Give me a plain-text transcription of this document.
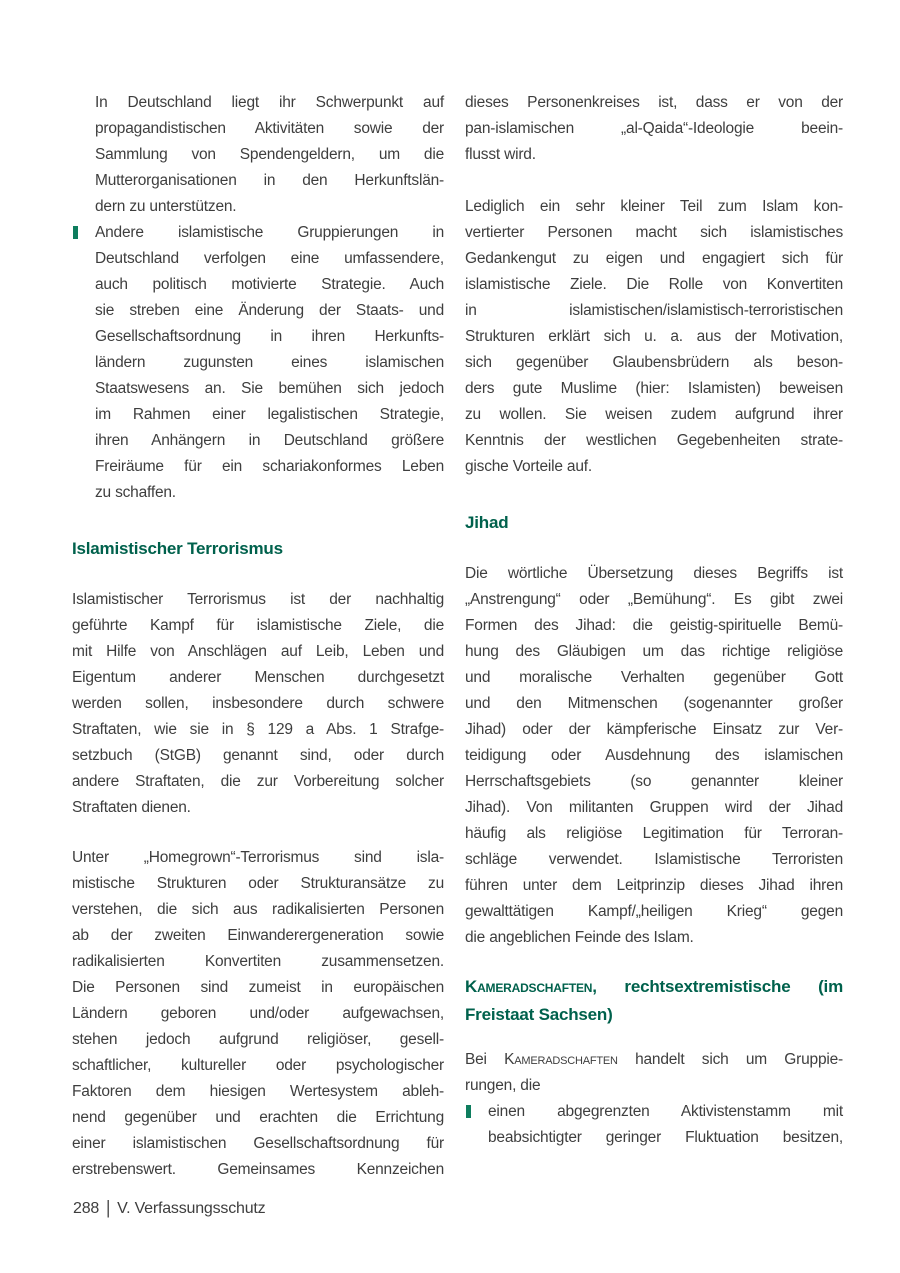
In Deutschland liegt ihr Schwerpunkt auf
propagandistischen Aktivitäten sowie der
Sammlung von Spendengeldern, um die
Mutterorganisationen in den Herkunftslän-
dern zu unterstützen.
Andere islamistische Gruppierungen in
Deutschland verfolgen eine umfassendere,
auch politisch motivierte Strategie. Auch
sie streben eine Änderung der Staats- und
Gesellschaftsordnung in ihren Herkunfts-
ländern zugunsten eines islamischen
Staatswesens an. Sie bemühen sich jedoch
im Rahmen einer legalistischen Strategie,
ihren Anhängern in Deutschland größere
Freiräume für ein schariakonformes Leben
zu schaffen.
Islamistischer Terrorismus
Islamistischer Terrorismus ist der nachhaltig
geführte Kampf für islamistische Ziele, die
mit Hilfe von Anschlägen auf Leib, Leben und
Eigentum anderer Menschen durchgesetzt
werden sollen, insbesondere durch schwere
Straftaten, wie sie in § 129 a Abs. 1 Strafge-
setzbuch (StGB) genannt sind, oder durch
andere Straftaten, die zur Vorbereitung solcher
Straftaten dienen.
Unter „Homegrown“-Terrorismus sind isla-
mistische Strukturen oder Strukturansätze zu
verstehen, die sich aus radikalisierten Personen
ab der zweiten Einwanderergeneration sowie
radikalisierten Konvertiten zusammensetzen.
Die Personen sind zumeist in europäischen
Ländern geboren und/oder aufgewachsen,
stehen jedoch aufgrund religiöser, gesell-
schaftlicher, kultureller oder psychologischer
Faktoren dem hiesigen Wertesystem ableh-
nend gegenüber und erachten die Errichtung
einer islamistischen Gesellschaftsordnung für
erstrebenswert. Gemeinsames Kennzeichen
dieses Personenkreises ist, dass er von der
pan-islamischen „al-Qaida“-Ideologie beein-
flusst wird.
Lediglich ein sehr kleiner Teil zum Islam kon-
vertierter Personen macht sich islamistisches
Gedankengut zu eigen und engagiert sich für
islamistische Ziele. Die Rolle von Konvertiten
in islamistischen/islamistisch-terroristischen
Strukturen erklärt sich u. a. aus der Motivation,
sich gegenüber Glaubensbrüdern als beson-
ders gute Muslime (hier: Islamisten) beweisen
zu wollen. Sie weisen zudem aufgrund ihrer
Kenntnis der westlichen Gegebenheiten strate-
gische Vorteile auf.
Jihad
Die wörtliche Übersetzung dieses Begriffs ist
„Anstrengung“ oder „Bemühung“. Es gibt zwei
Formen des Jihad: die geistig-spirituelle Bemü-
hung des Gläubigen um das richtige religiöse
und moralische Verhalten gegenüber Gott
und den Mitmenschen (sogenannter großer
Jihad) oder der kämpferische Einsatz zur Ver-
teidigung oder Ausdehnung des islamischen
Herrschaftsgebiets (so genannter kleiner
Jihad). Von militanten Gruppen wird der Jihad
häufig als religiöse Legitimation für Terroran-
schläge verwendet. Islamistische Terroristen
führen unter dem Leitprinzip dieses Jihad ihren
gewalttätigen Kampf/„heiligen Krieg“ gegen
die angeblichen Feinde des Islam.
Kameradschaften, rechtsextremistische (im
Freistaat Sachsen)
Bei Kameradschaften handelt sich um Gruppie-
rungen, die
einen abgegrenzten Aktivistenstamm mit
beabsichtigter geringer Fluktuation besitzen,
288 | V. Verfassungsschutz
